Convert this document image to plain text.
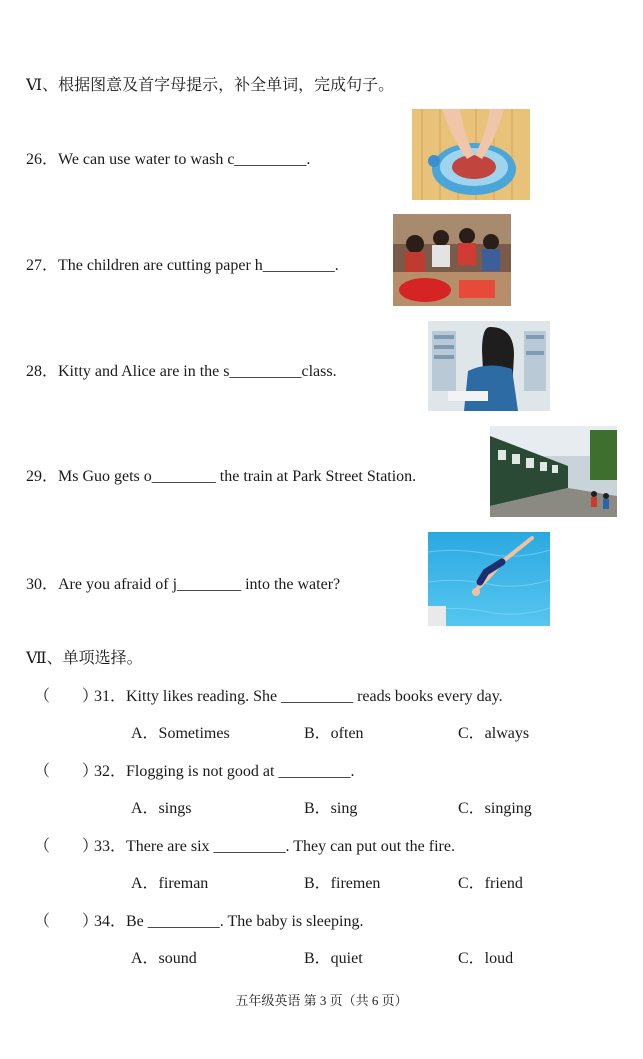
Ⅵ、根据图意及首字母提示，补全单词，完成句子。
26．We can use water to wash c_________.
27．The children are cutting paper h_________.
28．Kitty and Alice are in the s_________class.
29．Ms Guo gets o________ the train at Park Street Station.
30．Are you afraid of j________ into the water?
Ⅶ、单项选择。
（　　）
31．Kitty likes reading. She _________ reads books every day.
A．Sometimes	B．often	C．always
（　　）
32．Flogging is not good at _________.
A．sings	B．sing	C．singing
（　　）
33．There are six _________. They can put out the fire.
A．fireman	B．firemen	C．friend
（　　）
34．Be _________. The baby is sleeping.
A．sound	B．quiet	C．loud
五年级英语 第 3 页（共 6 页）
